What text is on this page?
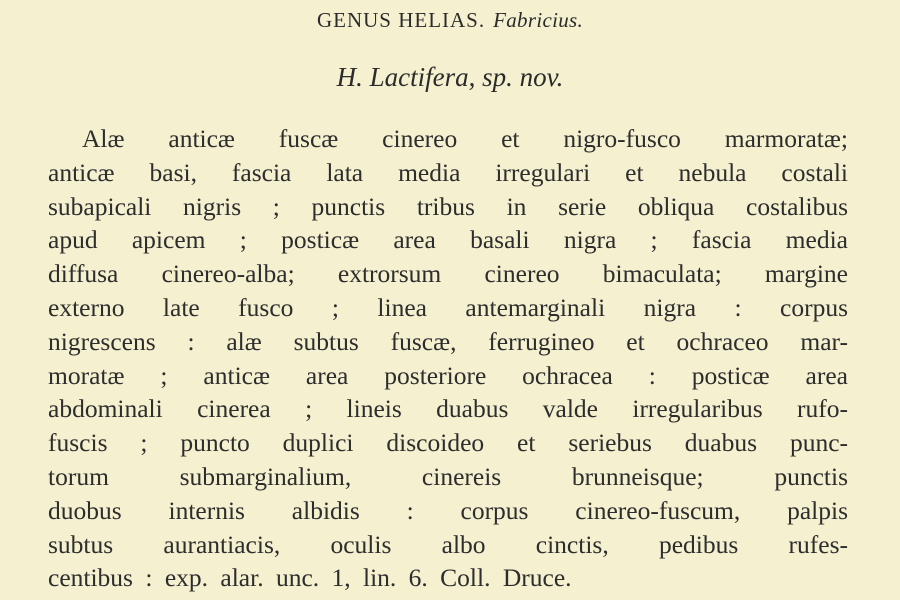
GENUS HELIAS. Fabricius.
H. Lactifera, sp. nov.
Alæ anticæ fuscæ cinereo et nigro-fusco marmoratæ;
anticæ basi, fascia lata media irregulari et nebula costali
subapicali nigris ; punctis tribus in serie obliqua costalibus
apud apicem ; posticæ area basali nigra ; fascia media
diffusa cinereo-alba; extrorsum cinereo bimaculata; margine
externo late fusco ; linea antemarginali nigra : corpus
nigrescens : alæ subtus fuscæ, ferrugineo et ochraceo mar-
moratæ ; anticæ area posteriore ochracea : posticæ area
abdominali cinerea ; lineis duabus valde irregularibus rufo-
fuscis ; puncto duplici discoideo et seriebus duabus punc-
torum submarginalium, cinereis brunneisque; punctis
duobus internis albidis : corpus cinereo-fuscum, palpis
subtus aurantiacis, oculis albo cinctis, pedibus rufes-
centibus : exp. alar. unc. 1, lin. 6. Coll. Druce.
